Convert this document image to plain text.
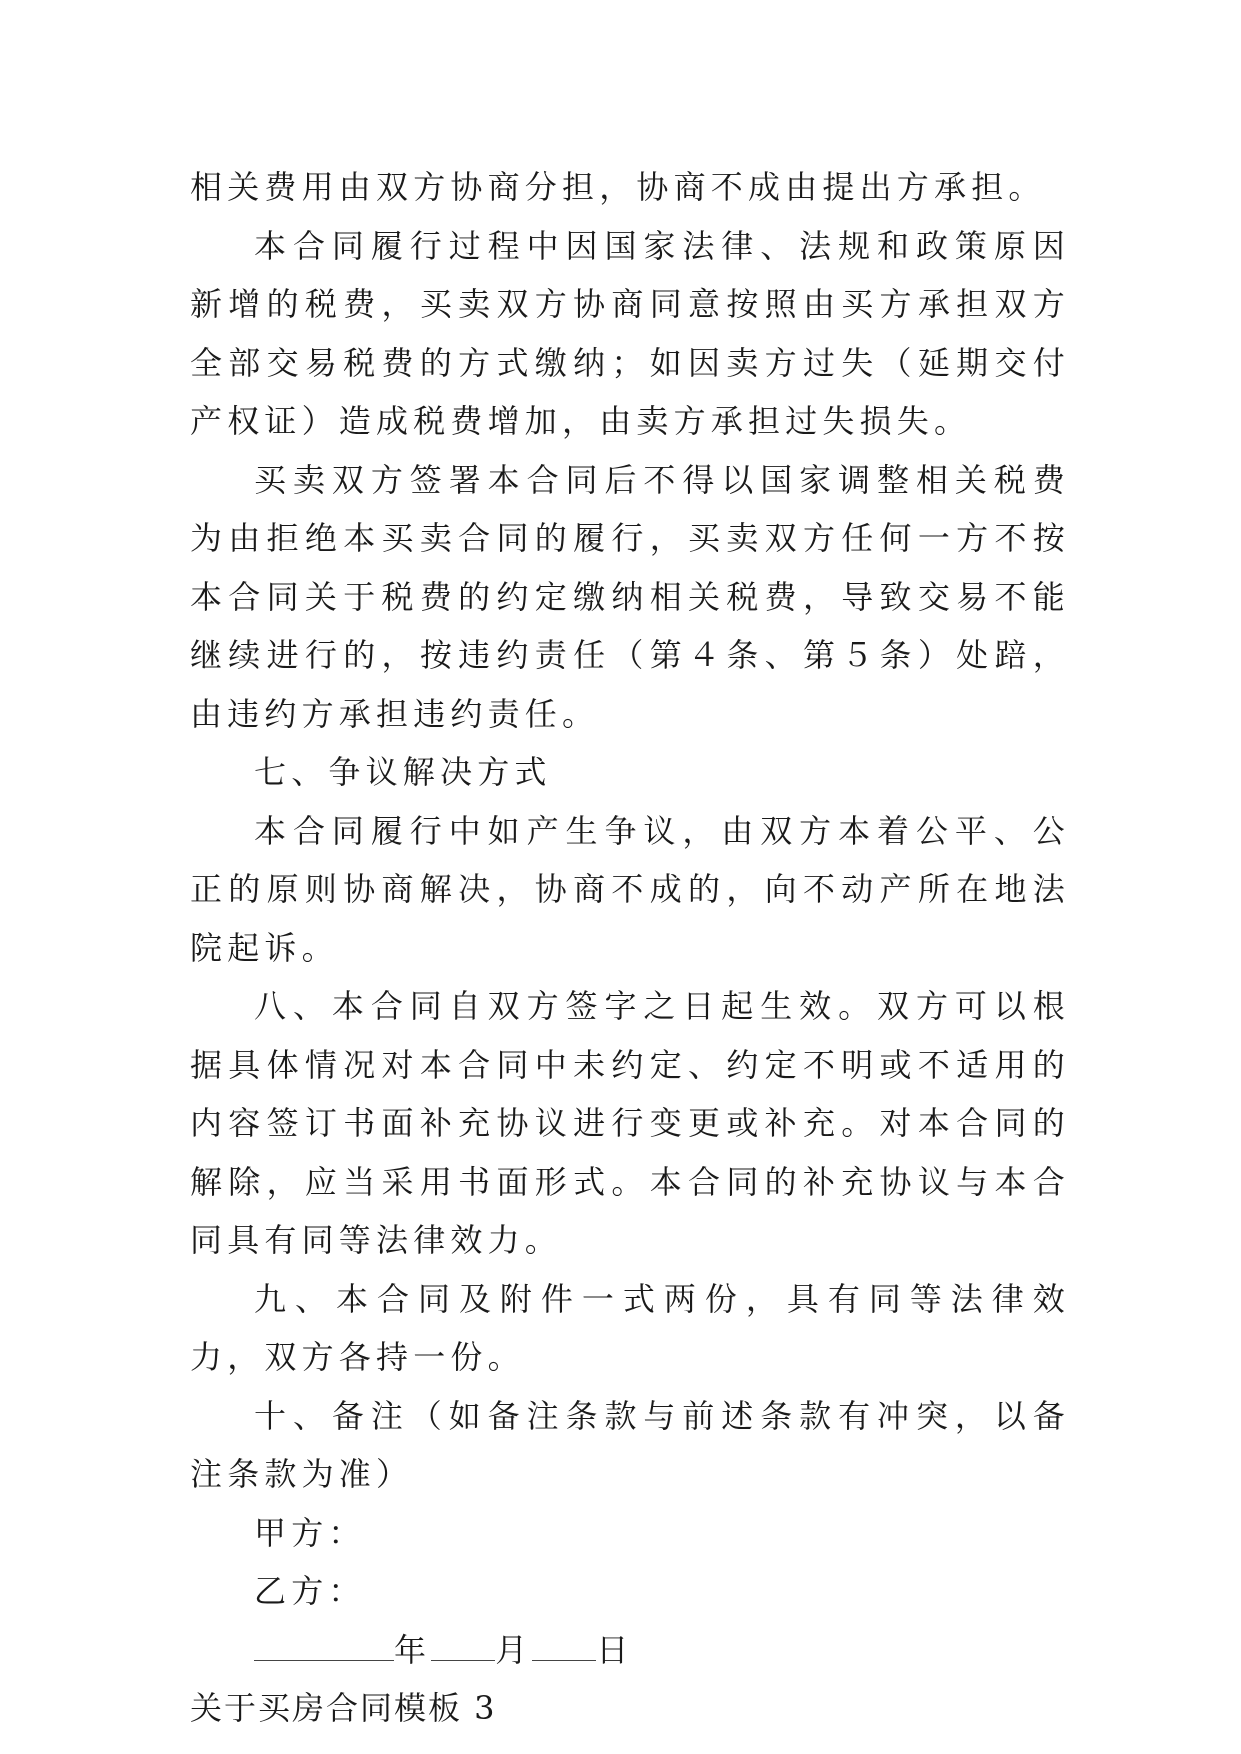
相关费用由双方协商分担，协商不成由提出方承担。

本合同履行过程中因国家法律、法规和政策原因新增的税费，买卖双方协商同意按照由买方承担双方全部交易税费的方式缴纳；如因卖方过失（延期交付产权证）造成税费增加，由卖方承担过失损失。

买卖双方签署本合同后不得以国家调整相关税费为由拒绝本买卖合同的履行，买卖双方任何一方不按本合同关于税费的约定缴纳相关税费，导致交易不能继续进行的，按违约责任（第４条、第５条）处踣，由违约方承担违约责任。

七、争议解决方式

本合同履行中如产生争议，由双方本着公平、公正的原则协商解决，协商不成的，向不动产所在地法院起诉。

八、本合同自双方签字之日起生效。双方可以根据具体情况对本合同中未约定、约定不明或不适用的内容签订书面补充协议进行变更或补充。对本合同的解除，应当采用书面形式。本合同的补充协议与本合同具有同等法律效力。

九、本合同及附件一式两份，具有同等法律效力，双方各持一份。

十、备注（如备注条款与前述条款有冲突，以备注条款为准）

甲方：

乙方：

年 月 日

关于买房合同模板 3
